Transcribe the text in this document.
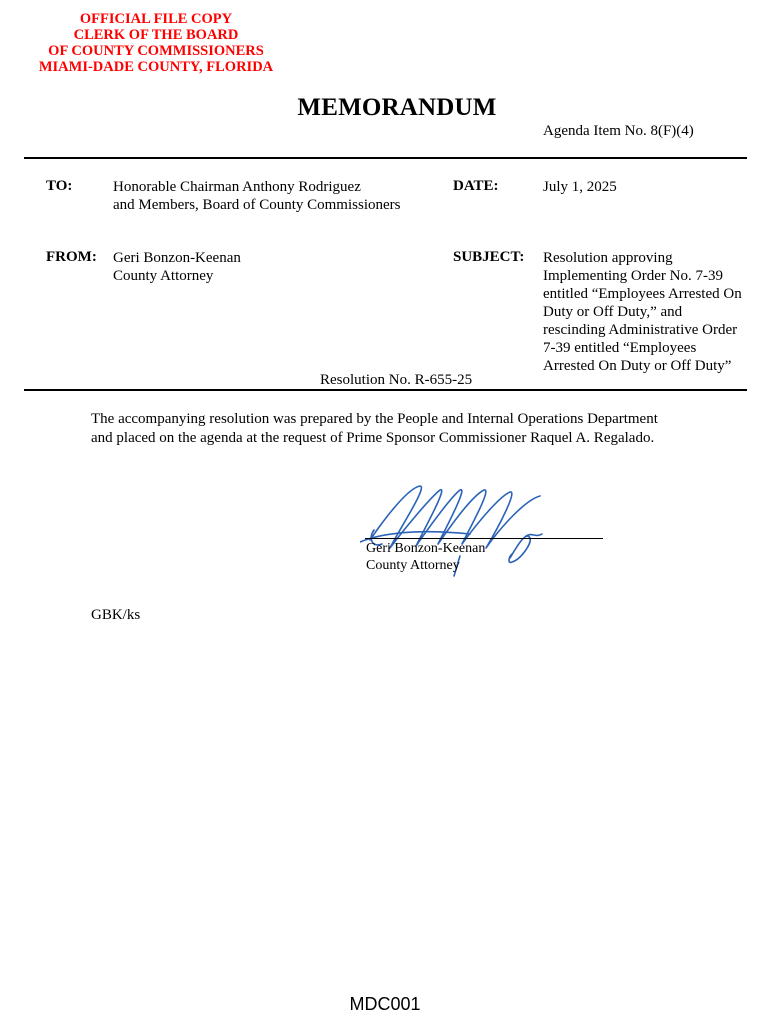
OFFICIAL FILE COPY
CLERK OF THE BOARD
OF COUNTY COMMISSIONERS
MIAMI-DADE COUNTY, FLORIDA
MEMORANDUM
Agenda Item No. 8(F)(4)
TO:	Honorable Chairman Anthony Rodriguez
and Members, Board of County Commissioners
DATE:	July 1, 2025
FROM: Geri Bonzon-Keenan
County Attorney
SUBJECT: Resolution approving
Implementing Order No. 7-39
entitled “Employees Arrested On
Duty or Off Duty,” and
rescinding Administrative Order
7-39 entitled “Employees
Arrested On Duty or Off Duty”
Resolution No. R-655-25
The accompanying resolution was prepared by the People and Internal Operations Department
and placed on the agenda at the request of Prime Sponsor Commissioner Raquel A. Regalado.
Geri Bonzon-Keenan
County Attorney
GBK/ks
MDC001
